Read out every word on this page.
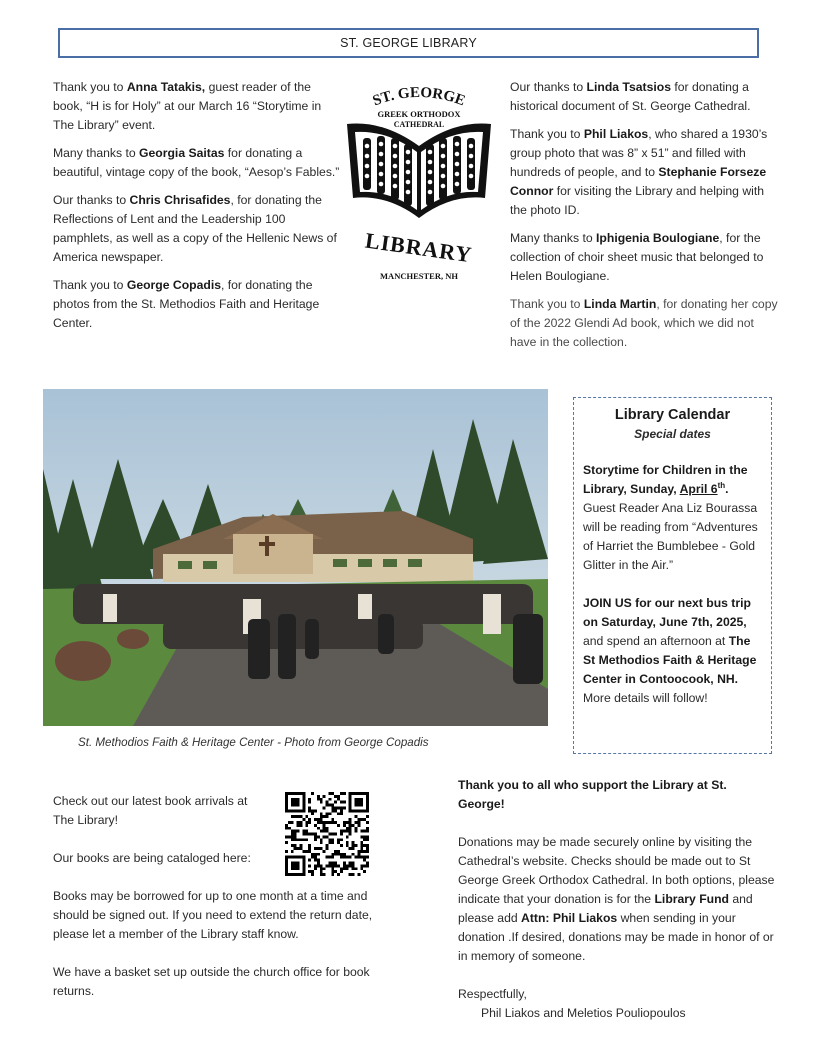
ST. GEORGE LIBRARY

Thank you to Anna Tatakis, guest reader of the book, “H is for Holy” at our March 16 “Storytime in The Library” event.

Many thanks to Georgia Saitas for donating a beautiful, vintage copy of the book, “Aesop’s Fables.”

Our thanks to Chris Chrisafides, for donating the Reflections of Lent and the Leadership 100 pamphlets, as well as a copy of the Hellenic News of America newspaper.

Thank you to George Copadis, for donating the photos from the St. Methodios Faith and Heritage Center.

ST. GEORGE
GREEK ORTHODOX
CATHEDRAL
LIBRARY
MANCHESTER, NH

Our thanks to Linda Tsatsios for donating a historical document of St. George Cathedral.

Thank you to Phil Liakos, who shared a 1930’s group photo that was 8” x 51” and filled with hundreds of people, and to Stephanie Forseze Connor for visiting the Library and helping with the photo ID.

Many thanks to Iphigenia Boulogiane, for the collection of choir sheet music that belonged to Helen Boulogiane.

Thank you to Linda Martin, for donating her copy of the 2022 Glendi Ad book, which we did not have in the collection.

St. Methodios Faith & Heritage Center - Photo from George Copadis
Library Calendar
Special dates

Storytime for Children in the Library, Sunday, April 6th. Guest Reader Ana Liz Bourassa will be reading from “Adventures of Harriet the Bumblebee - Gold Glitter in the Air.”

JOIN US for our next bus trip on Saturday, June 7th, 2025, and spend an afternoon at The St Methodios Faith & Heritage Center in Contoocook, NH. More details will follow!

Check out our latest book arrivals at The Library!

Our books are being cataloged here:

Books may be borrowed for up to one month at a time and should be signed out. If you need to extend the return date, please let a member of the Library staff know.

We have a basket set up outside the church office for book returns.

Thank you to all who support the Library at St. George!

Donations may be made securely online by visiting the Cathedral’s website. Checks should be made out to St George Greek Orthodox Cathedral. In both options, please indicate that your donation is for the Library Fund and please add Attn: Phil Liakos when sending in your donation .If desired, donations may be made in honor of or in memory of someone.

Respectfully,
Phil Liakos and Meletios Pouliopoulos
